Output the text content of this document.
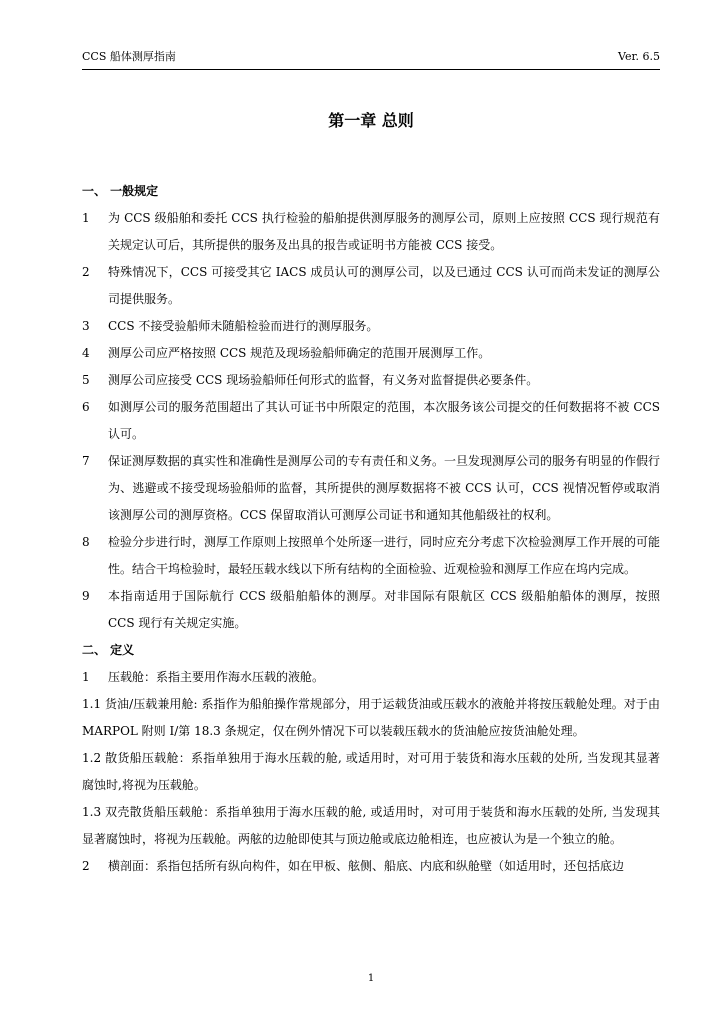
CCS 船体测厚指南	Ver. 6.5
第一章 总则
一、 一般规定
1	为 CCS 级船舶和委托 CCS 执行检验的船舶提供测厚服务的测厚公司，原则上应按照 CCS 现行规范有关规定认可后，其所提供的服务及出具的报告或证明书方能被 CCS 接受。
2	特殊情况下，CCS 可接受其它 IACS 成员认可的测厚公司，以及已通过 CCS 认可而尚未发证的测厚公司提供服务。
3	CCS 不接受验船师未随船检验而进行的测厚服务。
4	测厚公司应严格按照 CCS 规范及现场验船师确定的范围开展测厚工作。
5	测厚公司应接受 CCS 现场验船师任何形式的监督，有义务对监督提供必要条件。
6	如测厚公司的服务范围超出了其认可证书中所限定的范围，本次服务该公司提交的任何数据将不被 CCS 认可。
7	保证测厚数据的真实性和准确性是测厚公司的专有责任和义务。一旦发现测厚公司的服务有明显的作假行为、逃避或不接受现场验船师的监督，其所提供的测厚数据将不被 CCS 认可，CCS 视情况暂停或取消该测厚公司的测厚资格。CCS 保留取消认可测厚公司证书和通知其他船级社的权利。
8	检验分步进行时，测厚工作原则上按照单个处所逐一进行，同时应充分考虑下次检验测厚工作开展的可能性。结合干坞检验时，最轻压载水线以下所有结构的全面检验、近观检验和测厚工作应在坞内完成。
9	本指南适用于国际航行 CCS 级船舶船体的测厚。对非国际有限航区 CCS 级船舶船体的测厚，按照 CCS 现行有关规定实施。
二、 定义
1	压载舱：系指主要用作海水压载的液舱。
1.1 货油/压载兼用舱: 系指作为船舶操作常规部分，用于运载货油或压载水的液舱并将按压载舱处理。对于由 MARPOL 附则 I/第 18.3 条规定，仅在例外情况下可以装载压载水的货油舱应按货油舱处理。
1.2 散货船压载舱：系指单独用于海水压载的舱, 或适用时，对可用于装货和海水压载的处所, 当发现其显著腐蚀时,将视为压载舱。
1.3 双壳散货船压载舱：系指单独用于海水压载的舱, 或适用时，对可用于装货和海水压载的处所, 当发现其显著腐蚀时，将视为压载舱。两舷的边舱即使其与顶边舱或底边舱相连，也应被认为是一个独立的舱。
2	横剖面：系指包括所有纵向构件，如在甲板、舷侧、船底、内底和纵舱壁（如适用时，还包括底边
1
